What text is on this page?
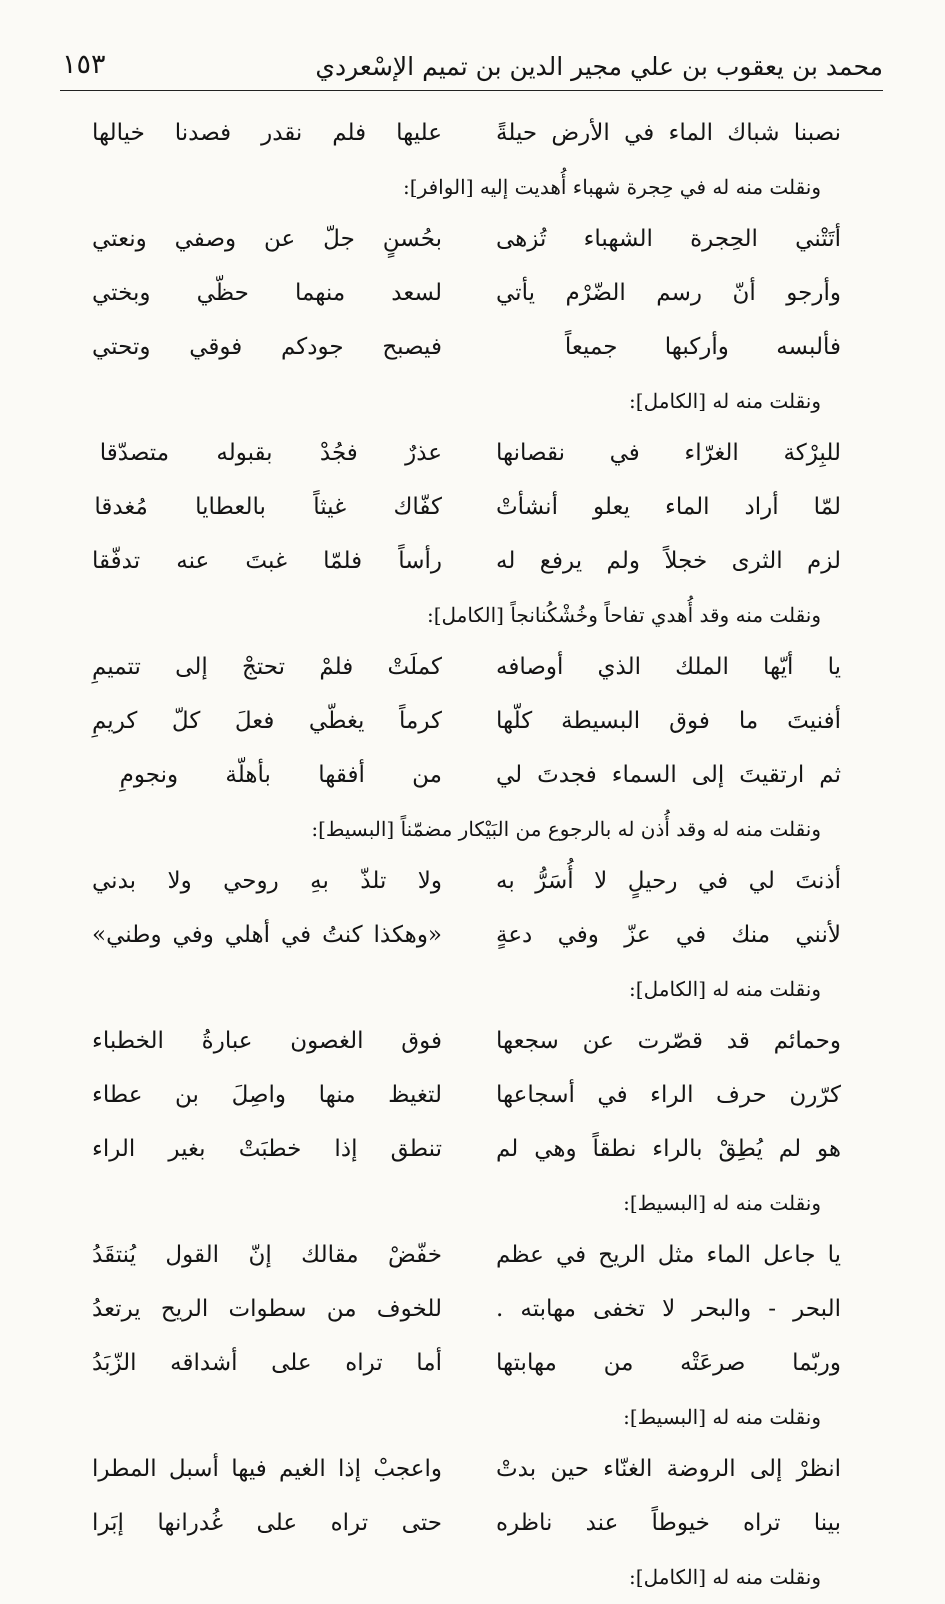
محمد بن يعقوب بن علي مجير الدين بن تميم الإسْعردي
١٥٣
نصبنا شباك الماء في الأرض حيلةً
عليها فلم نقدر فصدنا خيالها
ونقلت منه له في حِجرة شهباء أُهديت إليه [الوافر]:
أتَتْني الحِجرة الشهباء تُزهى
بحُسنٍ جلّ عن وصفي ونعتي
وأرجو أنّ رسم الضّرْم يأتي
لسعد منهما حظّي وبختي
فألبسه وأركبها جميعاً
فيصبح جودكم فوقي وتحتي
ونقلت منه له [الكامل]:
للبِرْكة الغرّاء في نقصانها
عذرٌ فجُدْ بقبوله متصدّقا
لمّا أراد الماء يعلو أنشأتْ
كفّاك غيثاً بالعطايا مُغدقا
لزم الثرى خجلاً ولم يرفع له
رأساً فلمّا غبتَ عنه تدفّقا
ونقلت منه وقد أُهدي تفاحاً وخُشْكُنانجاً [الكامل]:
يا أيّها الملك الذي أوصافه
كملَتْ فلمْ تحتجْ إلى تتميمِ
أفنيتَ ما فوق البسيطة كلّها
كرماً يغطّي فعلَ كلّ كريمِ
ثم ارتقيتَ إلى السماء فجدتَ لي
من أفقها بأهلّة ونجومِ
ونقلت منه له وقد أُذن له بالرجوع من البَيْكار مضمّناً [البسيط]:
أذنتَ لي في رحيلٍ لا أُسَرُّ به
ولا تلذّ بهِ روحي ولا بدني
لأنني منك في عزّ وفي دعةٍ
«وهكذا كنتُ في أهلي وفي وطني»
ونقلت منه له [الكامل]:
وحمائم قد قصّرت عن سجعها
فوق الغصون عبارةُ الخطباء
كرّرن حرف الراء في أسجاعها
لتغيظ منها واصِلَ بن عطاء
هو لم يُطِقْ بالراء نطقاً وهي لم
تنطق إذا خطبَتْ بغير الراء
ونقلت منه له [البسيط]:
يا جاعل الماء مثل الريح في عظم
خفّضْ مقالك إنّ القول يُنتقَدُ
البحر - والبحر لا تخفى مهابته .
للخوف من سطوات الريح يرتعدُ
وربّما صرعَتْه من مهابتها
أما تراه على أشداقه الزّبَدُ
ونقلت منه له [البسيط]:
انظرْ إلى الروضة الغنّاء حين بدتْ
واعجبْ إذا الغيم فيها أسبل المطرا
بينا تراه خيوطاً عند ناظره
حتى تراه على غُدرانها إبَرا
ونقلت منه له [الكامل]:
